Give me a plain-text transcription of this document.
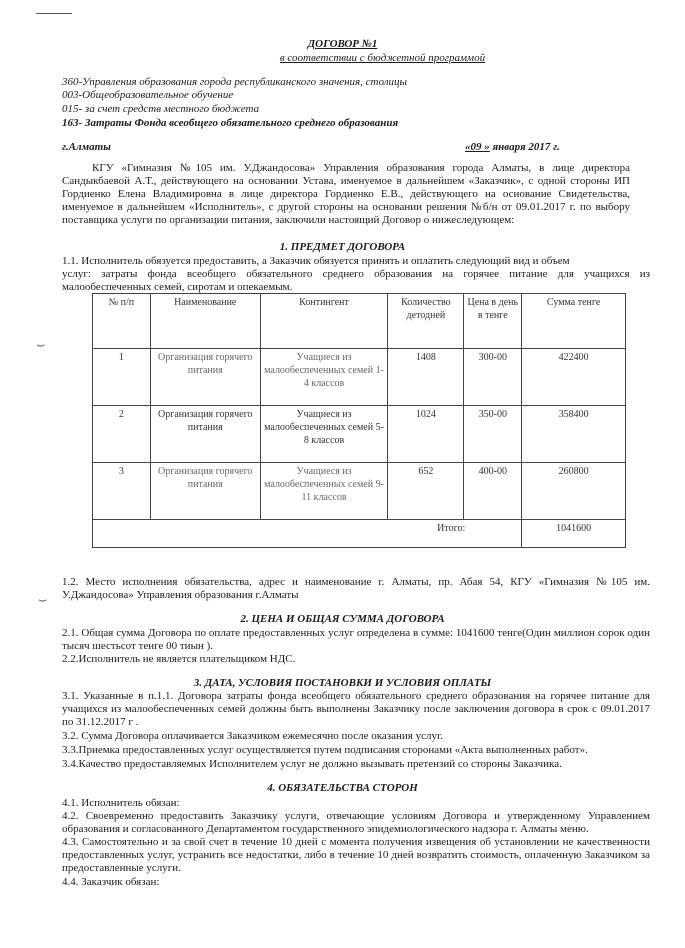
⌣
⌣
ДОГОВОР №1
в соответствии с бюджетной программой
360-Управления образования города республиканского значения, столицы
003-Общеобразовательное обучение
015- за счет средств местного бюджета
163- Затраты Фонда всеобщего обязательного среднего образования
г.Алматы	«09 » января 2017 г.
КГУ «Гимназия №105 им. У.Джандосова» Управления образования города Алматы, в лице директора Сандыкбаевой А.Т., действующего на основании Устава, именуемое в дальнейшем «Заказчик», с одной стороны ИП Гордиенко Елена Владимировна в лице директора Гордиенко Е.В., действующего на основание Свидетельства, именуемое в дальнейшем «Исполнитель», с другой стороны на основании решения №б/н от 09.01.2017 г. по выбору поставщика услуги по организации питания, заключили настоящий Договор о нижеследующем:
1. ПРЕДМЕТ ДОГОВОРА
1.1. Исполнитель обязуется предоставить, а Заказчик обязуется принять и оплатить следующий вид и объем
услуг: затраты фонда всеобщего обязательного среднего образования на горячее питание для учащихся из малообеспеченных семей, сиротам и опекаемым.
№ п/п	Наименование	Контингент	Количество детодней	Цена в день в тенге	Сумма тенге
1	Организация горячего питания	Учащиеся из малообеспеченных семей 1-4 классов	1408	300-00	422400
2	Организация горячего питания	Учащиеся из малообеспеченных семей 5-8 классов	1024	350-00	358400
3	Организация горячего питания	Учащиеся из малообеспеченных семей 9-11 классов	652	400-00	260800
Итого:					1041600
1.2. Место исполнения обязательства, адрес и наименование г. Алматы, пр. Абая 54, КГУ «Гимназия №105 им. У.Джандосова» Управления образования г.Алматы
2. ЦЕНА И ОБЩАЯ СУММА ДОГОВОРА
2.1. Общая сумма Договора по оплате предоставленных услуг определена в сумме: 1041600 тенге(Один миллион сорок один тысяч шестьсот тенге 00 тиын ).
2.2.Исполнитель не является плательщиком НДС.
3. ДАТА, УСЛОВИЯ ПОСТАНОВКИ И УСЛОВИЯ ОПЛАТЫ
3.1. Указанные в п.1.1. Договора затраты фонда всеобщего обязательного среднего образования на горячее питание для учащихся из малообеспеченных семей должны быть выполнены Заказчику после заключения договора в срок с 09.01.2017 по 31.12.2017 г .
3.2. Сумма Договора оплачивается Заказчиком ежемесячно после оказания услуг.
3.3.Приемка предоставленных услуг осуществляется путем подписания сторонами «Акта выполненных работ».
3.4.Качество предоставляемых Исполнителем услуг не должно вызывать претензий со стороны Заказчика.
4. ОБЯЗАТЕЛЬСТВА СТОРОН
4.1. Исполнитель обязан:
4.2. Своевременно предоставить Заказчику услуги, отвечающие условиям Договора и утвержденному Управлением образования и согласованного Департаментом государственного эпидемиологического надзора г. Алматы меню.
4.3. Самостоятельно и за свой счет в течение 10 дней с момента получения извещения об установлении не качественности предоставленных услуг, устранить все недостатки, либо в течение 10 дней возвратить стоимость, оплаченную Заказчиком за предоставленные услуги.
4.4. Заказчик обязан:
